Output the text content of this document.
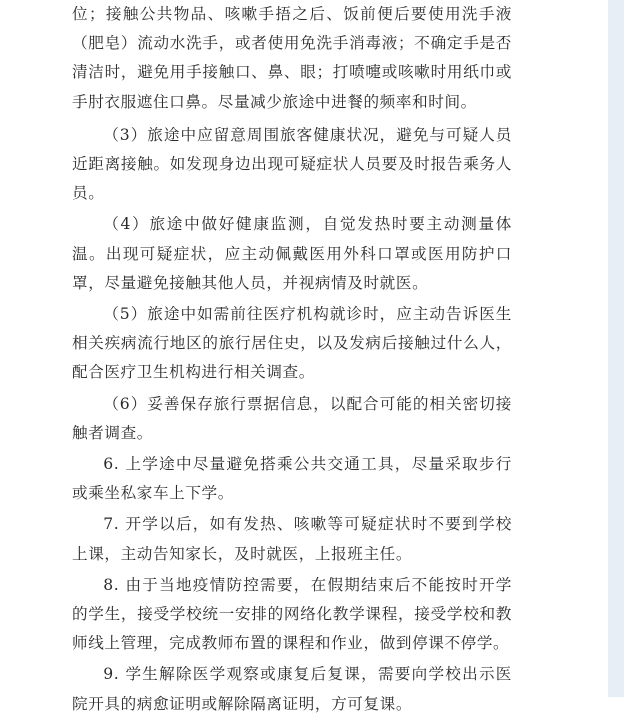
位；接触公共物品、咳嗽手捂之后、饭前便后要使用洗手液（肥皂）流动水洗手，或者使用免洗手消毒液；不确定手是否清洁时，避免用手接触口、鼻、眼；打喷嚏或咳嗽时用纸巾或手肘衣服遮住口鼻。尽量减少旅途中进餐的频率和时间。

（3）旅途中应留意周围旅客健康状况，避免与可疑人员近距离接触。如发现身边出现可疑症状人员要及时报告乘务人员。

（4）旅途中做好健康监测，自觉发热时要主动测量体温。出现可疑症状，应主动佩戴医用外科口罩或医用防护口罩，尽量避免接触其他人员，并视病情及时就医。

（5）旅途中如需前往医疗机构就诊时，应主动告诉医生相关疾病流行地区的旅行居住史，以及发病后接触过什么人，配合医疗卫生机构进行相关调查。

（6）妥善保存旅行票据信息，以配合可能的相关密切接触者调查。

6. 上学途中尽量避免搭乘公共交通工具，尽量采取步行或乘坐私家车上下学。

7. 开学以后，如有发热、咳嗽等可疑症状时不要到学校上课，主动告知家长，及时就医，上报班主任。

8. 由于当地疫情防控需要，在假期结束后不能按时开学的学生，接受学校统一安排的网络化教学课程，接受学校和教师线上管理，完成教师布置的课程和作业，做到停课不停学。

9. 学生解除医学观察或康复后复课，需要向学校出示医院开具的病愈证明或解除隔离证明，方可复课。
